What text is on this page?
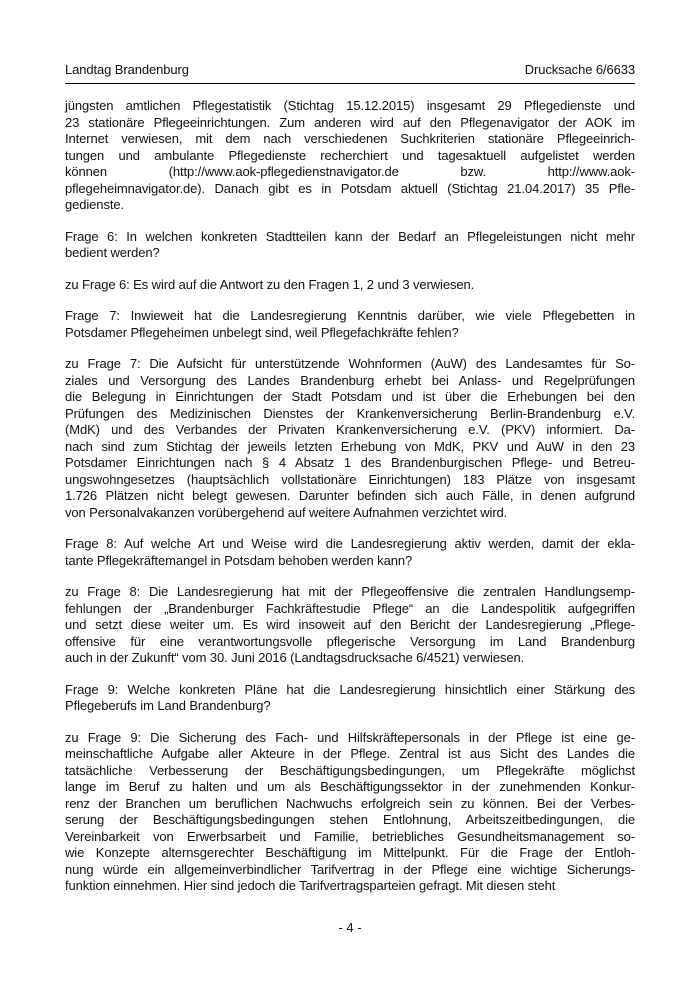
Landtag Brandenburg	Drucksache 6/6633
jüngsten amtlichen Pflegestatistik (Stichtag 15.12.2015) insgesamt 29 Pflegedienste und
23 stationäre Pflegeeinrichtungen. Zum anderen wird auf den Pflegenavigator der AOK im
Internet verwiesen, mit dem nach verschiedenen Suchkriterien stationäre Pflegeeinrich-
tungen und ambulante Pflegedienste recherchiert und tagesaktuell aufgelistet werden
können (http://www.aok-pflegedienstnavigator.de bzw. http://www.aok-
pflegeheimnavigator.de). Danach gibt es in Potsdam aktuell (Stichtag 21.04.2017) 35 Pfle-
gedienste.
Frage 6: In welchen konkreten Stadtteilen kann der Bedarf an Pflegeleistungen nicht mehr
bedient werden?
zu Frage 6: Es wird auf die Antwort zu den Fragen 1, 2 und 3 verwiesen.
Frage 7: Inwieweit hat die Landesregierung Kenntnis darüber, wie viele Pflegebetten in
Potsdamer Pflegeheimen unbelegt sind, weil Pflegefachkräfte fehlen?
zu Frage 7: Die Aufsicht für unterstützende Wohnformen (AuW) des Landesamtes für So-
ziales und Versorgung des Landes Brandenburg erhebt bei Anlass- und Regelprüfungen
die Belegung in Einrichtungen der Stadt Potsdam und ist über die Erhebungen bei den
Prüfungen des Medizinischen Dienstes der Krankenversicherung Berlin-Brandenburg e.V.
(MdK) und des Verbandes der Privaten Krankenversicherung e.V. (PKV) informiert. Da-
nach sind zum Stichtag der jeweils letzten Erhebung von MdK, PKV und AuW in den 23
Potsdamer Einrichtungen nach § 4 Absatz 1 des Brandenburgischen Pflege- und Betreu-
ungswohngesetzes (hauptsächlich vollstationäre Einrichtungen) 183 Plätze von insgesamt
1.726 Plätzen nicht belegt gewesen. Darunter befinden sich auch Fälle, in denen aufgrund
von Personalvakanzen vorübergehend auf weitere Aufnahmen verzichtet wird.
Frage 8: Auf welche Art und Weise wird die Landesregierung aktiv werden, damit der ekla-
tante Pflegekräftemangel in Potsdam behoben werden kann?
zu Frage 8: Die Landesregierung hat mit der Pflegeoffensive die zentralen Handlungsemp-
fehlungen der „Brandenburger Fachkräftestudie Pflege“ an die Landespolitik aufgegriffen
und setzt diese weiter um. Es wird insoweit auf den Bericht der Landesregierung „Pflege-
offensive für eine verantwortungsvolle pflegerische Versorgung im Land Brandenburg
auch in der Zukunft“ vom 30. Juni 2016 (Landtagsdrucksache 6/4521) verwiesen.
Frage 9: Welche konkreten Pläne hat die Landesregierung hinsichtlich einer Stärkung des
Pflegeberufs im Land Brandenburg?
zu Frage 9: Die Sicherung des Fach- und Hilfskräftepersonals in der Pflege ist eine ge-
meinschaftliche Aufgabe aller Akteure in der Pflege. Zentral ist aus Sicht des Landes die
tatsächliche Verbesserung der Beschäftigungsbedingungen, um Pflegekräfte möglichst
lange im Beruf zu halten und um als Beschäftigungssektor in der zunehmenden Konkur-
renz der Branchen um beruflichen Nachwuchs erfolgreich sein zu können. Bei der Verbes-
serung der Beschäftigungsbedingungen stehen Entlohnung, Arbeitszeitbedingungen, die
Vereinbarkeit von Erwerbsarbeit und Familie, betriebliches Gesundheitsmanagement so-
wie Konzepte alternsgerechter Beschäftigung im Mittelpunkt. Für die Frage der Entloh-
nung würde ein allgemeinverbindlicher Tarifvertrag in der Pflege eine wichtige Sicherungs-
funktion einnehmen. Hier sind jedoch die Tarifvertragsparteien gefragt. Mit diesen steht
- 4 -
